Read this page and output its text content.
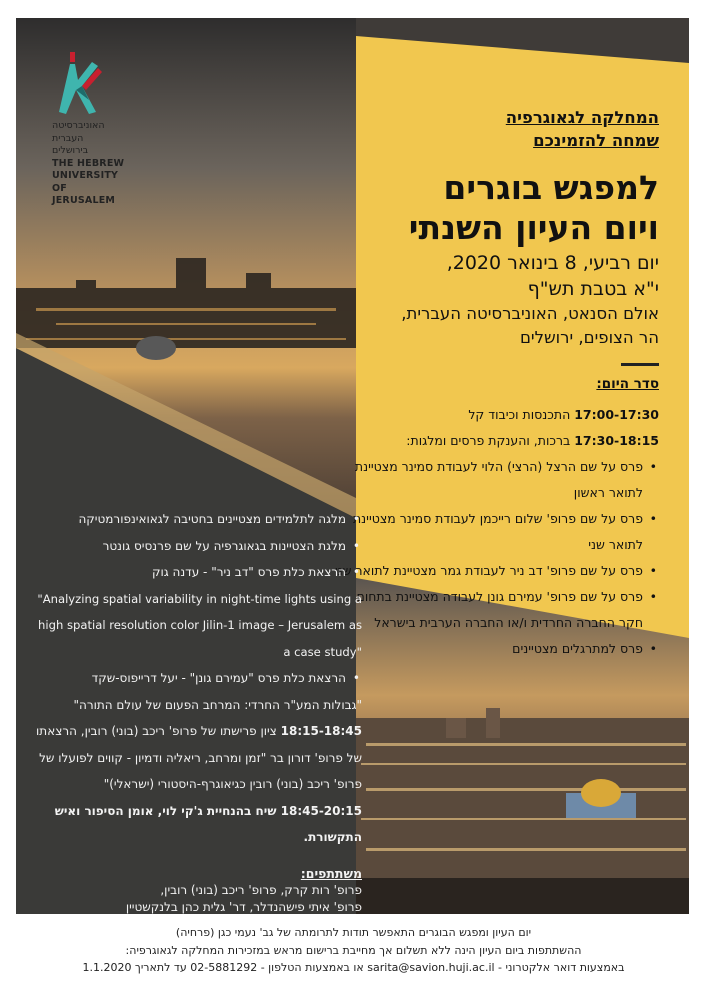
האוניברסיטה
העברית
בירושלים
THE HEBREW
UNIVERSITY
OF JERUSALEM
המחלקה לגאוגרפיה
שמחה להזמינכם
למפגש בוגרים
ויום העיון השנתי
יום רביעי, 8 בינואר 2020,
י"א בטבת תש"ף
אולם הסנאט, האוניברסיטה העברית,
הר הצופים, ירושלים
סדר היום:
17:00-17:30 התכנסות וכיבוד קל
17:30-18:15 ברכות, והענקת פרסים ומלגות:
• פרס על שם הרצל (הרצי) הלוי לעבודת סמינר מצטיינת לתואר ראשון
• פרס על שם פרופ' שלום רייכמן לעבודת סמינר מצטיינת לתואר שני
• פרס על שם פרופ' דב ניר לעבודת גמר מצטיינת לתואר שני
• פרס על שם פרופ' עמירם גונן לעבודה מצטיינת בתחום חקר החברה החרדית ו/או החברה הערבית בישראל
• פרס למתרגלים מצטיינים
• מלגה לתלמידים מצטיינים בחטיבה לגאואינפורמטיקה
• מלגת הצטיינות בגאוגרפיה על שם פרנסיס גונטר
• הרצאת כלת פרס "דב ניר" - עדנה גוק
"Analyzing spatial variability in night-time lights using a high spatial resolution color Jilin-1 image – Jerusalem as a case study"
• הרצאת כלת פרס "עמירם גונן" - יעל דרייפוס-שקד
"גבולות המע"ר החרדי: המרחב הפעום של עולם התורה"
18:15-18:45 ציון פרישתו של פרופ' ריכב (בוני) רובין, הרצאתו של פרופ' דורון בר "זמן ומרחב, ריאליה ודמיון - קווים לפועלו של פרופ' ריכב (בוני) רובין כגיאוגרף-היסטורי (ישראלי)"
18:45-20:15 שיח בהנחיית ג'קי לוי, אומן הסיפור ואיש התקשורת.
משתתפים:
פרופ' רות קרק, פרופ' ריכב (בוני) רובין,
פרופ' איתי פישהנדלר, דר' גלית כהן בלנקשטיין
יום העיון ומפגש הבוגרים התאפשר תודות לתרומתה של גב' נעמי כגן (פרחיה)
ההשתתפות ביום העיון הינה ללא תשלום אך מחייבת ברישום מראש במזכירות המחלקה לגאוגרפיה:
באמצעות דואר אלקטרוני - sarita@savion.huji.ac.il או באמצעות הטלפון - 02-5881292 עד לתאריך 1.1.2020
